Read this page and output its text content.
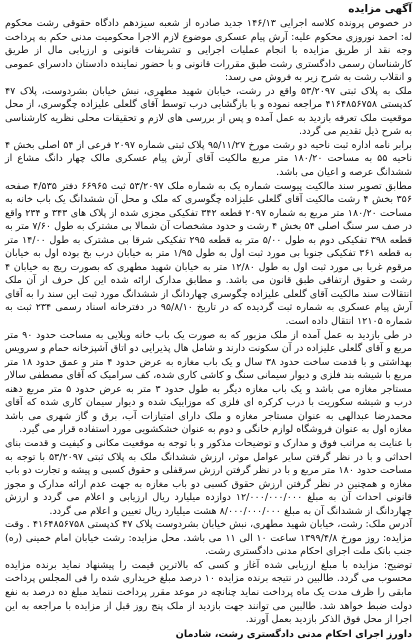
آگهی مزایده

در خصوص پرونده کلاسه اجرایی ۱۴۶/۱۳ جدید صادره از شعبه سیزدهم دادگاه حقوقی رشت محکوم له: احمد نوروزی محکوم علیه: آرش پیام عسکری موضوع لازم الاجرا محکومیت مدنی حکم به پرداخت وجه نقد از طریق مزایده با انجام عملیات اجرایی و تشریفات قانونی و ارزیابی مال از طریق کارشناسان رسمی دادگستری رشت طبق مقررات قانونی و با حضور نماینده دادستان دادسرای عمومی و انقلاب رشت به شرح زیر به فروش می رسد:

ملک به پلاک ثبتی ۵۳/۲۰۹۷ واقع در رشت، خیابان شهید مطهری، نبش خیابان بشردوست، پلاک ۴۷ کدپستی ۴۱۶۴۸۵۶۷۵۸ مراجعه نموده و با بازگشایی درب توسط آقای گلعلی علیزاده چگوسری، از محل موقعیت ملک تعرفه بازدید به عمل آمده و پس از بررسی های لازم و تحقیقات محلی نظریه کارشناسی به شرح ذیل تقدیم می گردد.

برابر نامه اداره ثبت ناحیه دو رشت مورخ ۹۵/۱۱/۲۷ پلاک ثبتی شماره ۲۰۹۷ فرعی از ۵۴ اصلی بخش ۴ ناحیه ۵۵ به مساحت ۱۸۰/۲۰ متر مربع مالکیت آقای آرش پیام عسکری مالک چهار دانگ مشاع از ششدانگ عرصه و اعیان می باشد.

مطابق تصویر سند مالکیت پیوست شماره یک به شماره ملک ۵۳/۲۰۹۷ ثبت ۶۶۹۶۵ دفتر ۴/۵۳۵ صفحه ۳۵۶ بخش ۴ رشت مالکیت آقای گلعلی علیزاده چگوسری که ملک و محل آن ششدانگ یک باب خانه به مساحت ۱۸۰/۲۰ متر مربع به شماره ۲۰۹۷ قطعه ۳۴۲ تفکیکی مجزی شده از پلاک های ۳۴۳ و ۲۳۴ واقع در صف سر سنگ اصلی ۵۴ بخش ۴ رشت و حدود مشخصات آن شمالا بی مشترک به طول ۷/۶۰ متر به قطعه ۳۹۸ تفکیکی دوم به طول ۵/۰۰ متر به قطعه ۲۹۵ تفکیکی شرقا بی مشترک به طول ۱۴/۰۰ متر به قطعه ۳۶۱ تفکیکی جنوبا بی مورد ثبت اول به طول ۱/۹۵ متر به خیابان درب بخ بوده اول به خیابان مرقوم غربا بی مورد ثبت اول به طول ۱۲/۸۰ متر به خیابان شهید مطهری که بصورت ریج به خیابان ۴ رشت و حقوق ارتفاقی طبق قانون می باشد. و مطابق مدارک ارائه شده این کل حرف از آن ملک انتقالات سند مالکیت آقای گلعلی علیزاده چگوسری چهاردانگ از ششدانگ مورد ثبت این سند را به آقای آرش پیام عسکری به شماره ثبت گردیده که در تاریخ ۹۵/۸/۱۰ در دفترخانه اسناد رسمی ۲۳۴ ثبت به شماره ۱۲۱۰۵ انتقال داده است.

در طی بازدید به عمل آمده از ملک مزبور که به صورت یک باب خانه ویلایی به مساحت حدود ۹۰ متر مربع و آقای گلعلی علیزاده در آن سکونت دارند و شامل هال پذیرایی دو اتاق آشپزخانه حمام و سرویس بهداشتی و با قدمت ساخت حدود ۳۸ سال و یک باب مغازه به عرض حدود ۴ متر و عمق حدود ۱۸ متر مربع با شیشه بند فلزی و دیوار سیمانی سنگ و کاشی کاری شده، کف سرامیک که آقای مصطفی سالار مستاجر مغازه می باشد و یک باب مغازه دیگر به طول حدود ۳ متر به عرض حدود ۵ متر مربع دهنه درب و شیشه سکوریت با درب کرکره ای فلزی که موزاییک شده و دیوار سیمان کاری شده که آقای محمدرضا عبدالهی به عنوان مستاجر مغازه و ملک دارای امتیازات آب، برق و گاز شهری می باشد مغازه اول به عنوان فروشگاه لوازم خانگی و دوم به عنوان خشکشویی مورد استفاده قرار می گیرد.

با عنایت به مراتب فوق و مدارک و توضیحات مذکور و با توجه به موقعیت مکانی و کیفیت و قدمت بنای احداثی و با در نظر گرفتن سایر عوامل موثر، ارزش ششدانگ ملک به پلاک ثبتی ۵۳/۲۰۹۷ با توجه به مساحت حدود ۱۸۰ متر مربع و با در نظر گرفتن ارزش سرقفلی و حقوق کسبی و پیشه و تجارت دو باب مغازه و همچنین در نظر گرفتن ارزش حقوق کسبی دو باب مغازه به جهت عدم ارائه مدارک و مجوز قانونی احداث آن به مبلغ ۱۲/۰۰۰/۰۰۰/۰۰۰ دوازده میلیارد ریال ارزیابی و اعلام می گردد و ارزش چهاردانگ از ششدانگ آن به مبلغ ۸/۰۰۰/۰۰۰/۰۰۰ هشت میلیارد ریال تعیین و اعلام می گردد.

آدرس ملک: رشت، خیابان شهید مطهری، نبش خیابان بشردوست پلاک ۴۷ کدپستی ۴۱۶۴۸۵۶۷۵۸ . وقت مزایده: روز مورخ ۱۳۹۹/۴/۸ ساعت ۱۰ الی ۱۱ می باشد. محل مزایده: رشت خیابان امام خمینی (ره) جنب بانک ملت اجرای احکام مدنی دادگستری رشت.

توضیح: مزایده با مبلغ ارزیابی شده آغاز و کسی که بالاترین قیمت را پیشنهاد نماید برنده مزایده محسوب می گردد. طالبین در نتیجه برنده مزایده ۱۰ درصد مبلغ خریداری شده را فی المجلس پرداخت مابقی را ظرف مدت یک ماه پرداخت نماید چنانچه در موعد مقرر پرداخت ننماید مبلغ ده درصد به نفع دولت ضبط خواهد شد. طالبین می توانند جهت بازدید از ملک پنج روز قبل از مزایده با مراجعه به این اجرا از محل فوق الذکر بازدید بعمل آورند.

داورز اجرای احکام مدنی دادگستری رشت، شادمان
